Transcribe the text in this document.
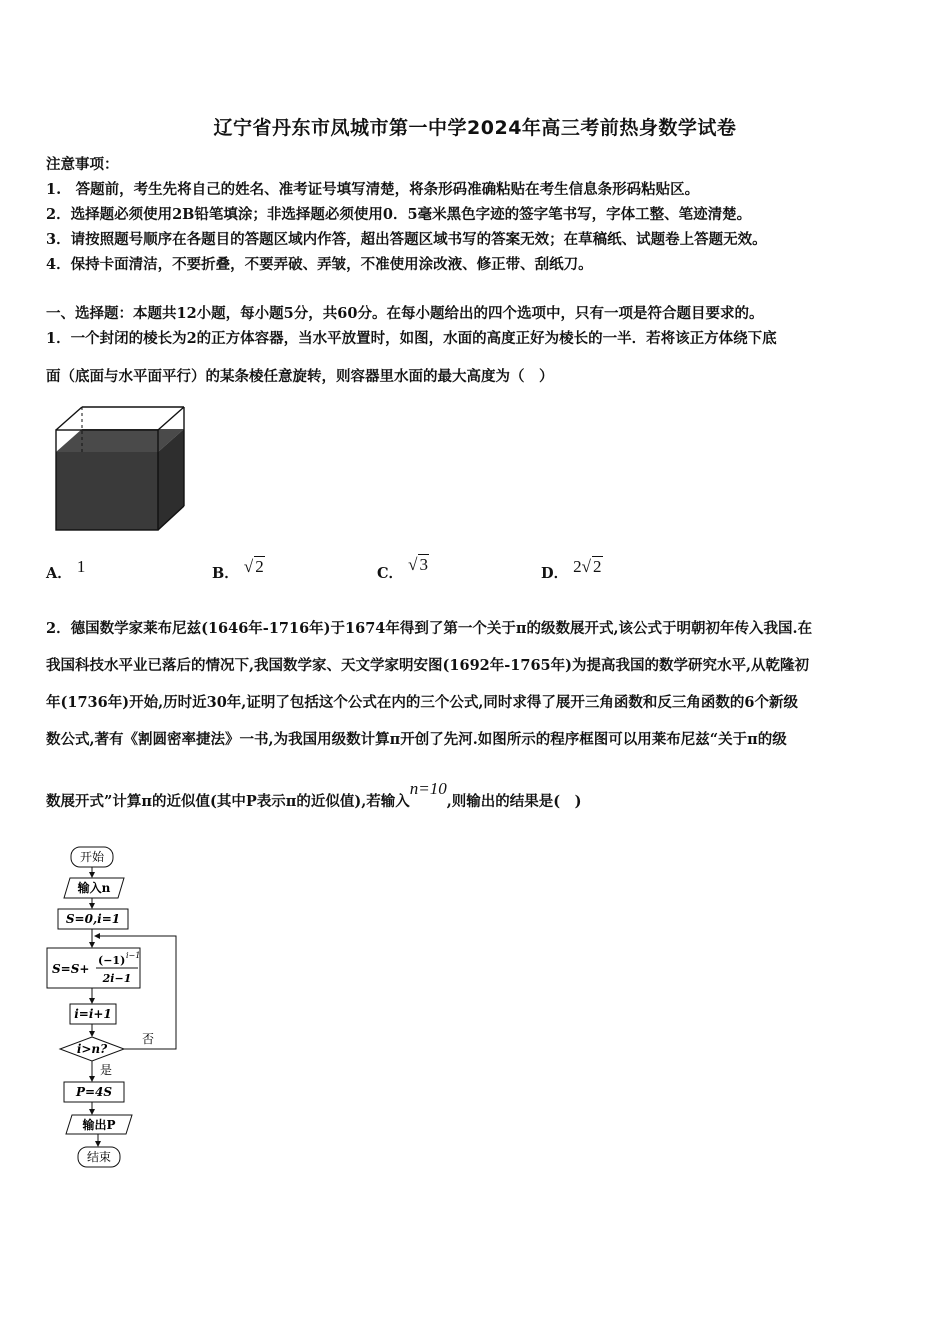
辽宁省丹东市凤城市第一中学2024年高三考前热身数学试卷
注意事项：
1.　答题前，考生先将自己的姓名、准考证号填写清楚，将条形码准确粘贴在考生信息条形码粘贴区。
2．选择题必须使用2B铅笔填涂；非选择题必须使用0．5毫米黑色字迹的签字笔书写，字体工整、笔迹清楚。
3．请按照题号顺序在各题目的答题区域内作答，超出答题区域书写的答案无效；在草稿纸、试题卷上答题无效。
4．保持卡面清洁，不要折叠，不要弄破、弄皱，不准使用涂改液、修正带、刮纸刀。
一、选择题：本题共12小题，每小题5分，共60分。在每小题给出的四个选项中，只有一项是符合题目要求的。
1．一个封闭的棱长为2的正方体容器，当水平放置时，如图，水面的高度正好为棱长的一半．若将该正方体绕下底
面（底面与水平面平行）的某条棱任意旋转，则容器里水面的最大高度为（　）
A． 1	B． √ 2	C． √ 3	D． 2√ 2
2．德国数学家莱布尼兹(1646年-1716年)于1674年得到了第一个关于π的级数展开式,该公式于明朝初年传入我国.在
我国科技水平业已落后的情况下,我国数学家、天文学家明安图(1692年-1765年)为提高我国的数学研究水平,从乾隆初
年(1736年)开始,历时近30年,证明了包括这个公式在内的三个公式,同时求得了展开三角函数和反三角函数的6个新级
数公式,著有《割圆密率捷法》一书,为我国用级数计算π开创了先河.如图所示的程序框图可以用莱布尼兹“关于π的级
数展开式”计算π的近似值(其中P表示π的近似值),若输入n=10,则输出的结果是(　)
开始
输入n
S=0,i=1
S=S+
(−1) i−1
2i−1
i=i+1
i>n?
否
是
P=4S
输出P
结束
